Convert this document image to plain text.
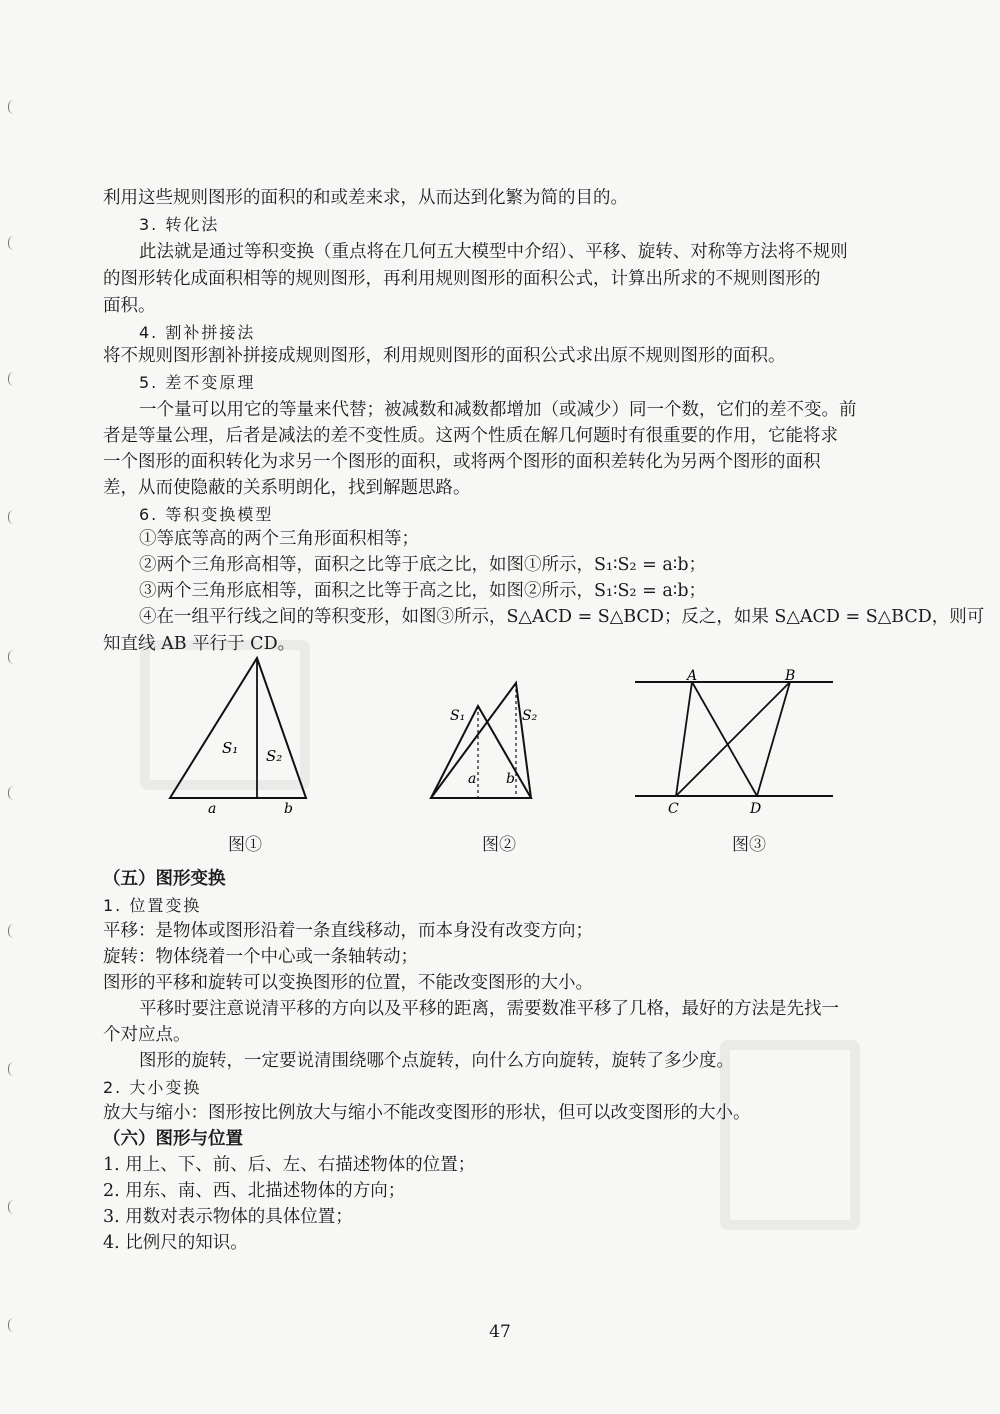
利用这些规则图形的面积的和或差来求，从而达到化繁为简的目的。
3. 转化法
此法就是通过等积变换（重点将在几何五大模型中介绍）、平移、旋转、对称等方法将不规则
的图形转化成面积相等的规则图形，再利用规则图形的面积公式，计算出所求的不规则图形的
面积。
4. 割补拼接法
将不规则图形割补拼接成规则图形，利用规则图形的面积公式求出原不规则图形的面积。
5. 差不变原理
一个量可以用它的等量来代替；被减数和减数都增加（或减少）同一个数，它们的差不变。前
者是等量公理，后者是减法的差不变性质。这两个性质在解几何题时有很重要的作用，它能将求
一个图形的面积转化为求另一个图形的面积，或将两个图形的面积差转化为另两个图形的面积
差，从而使隐蔽的关系明朗化，找到解题思路。
6. 等积变换模型
①等底等高的两个三角形面积相等；
②两个三角形高相等，面积之比等于底之比，如图①所示，S₁∶S₂ = a∶b；
③两个三角形底相等，面积之比等于高之比，如图②所示，S₁∶S₂ = a∶b；
④在一组平行线之间的等积变形，如图③所示，S△ACD = S△BCD；反之，如果 S△ACD = S△BCD，则可
知直线 AB 平行于 CD。
S₁ S₂
a	b
图①
S₁	S₂
a b
图②
A	B
C	D
图③
（五）图形变换
1. 位置变换
平移：是物体或图形沿着一条直线移动，而本身没有改变方向；
旋转：物体绕着一个中心或一条轴转动；
图形的平移和旋转可以变换图形的位置，不能改变图形的大小。
平移时要注意说清平移的方向以及平移的距离，需要数准平移了几格，最好的方法是先找一
个对应点。
图形的旋转，一定要说清围绕哪个点旋转，向什么方向旋转，旋转了多少度。
2. 大小变换
放大与缩小：图形按比例放大与缩小不能改变图形的形状，但可以改变图形的大小。
（六）图形与位置
1. 用上、下、前、后、左、右描述物体的位置；
2. 用东、南、西、北描述物体的方向；
3. 用数对表示物体的具体位置；
4. 比例尺的知识。
47
